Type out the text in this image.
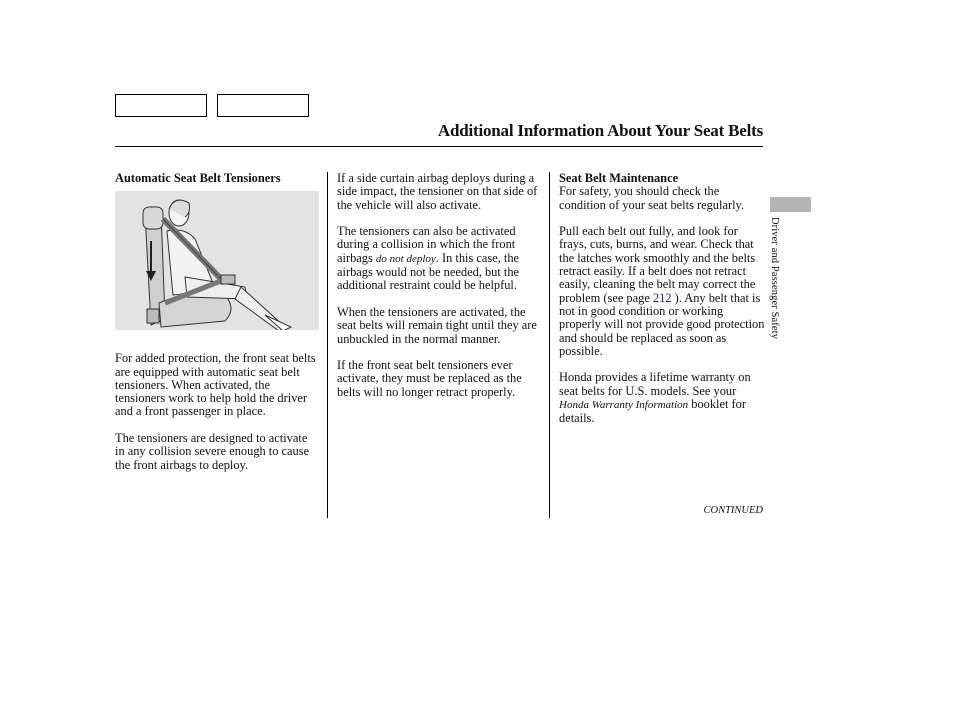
Additional Information About Your Seat Belts
Automatic Seat Belt Tensioners

For added protection, the front seat belts are equipped with automatic seat belt tensioners. When activated, the tensioners work to help hold the driver and a front passenger in place.

The tensioners are designed to activate in any collision severe enough to cause the front airbags to deploy.

If a side curtain airbag deploys during a side impact, the tensioner on that side of the vehicle will also activate.

The tensioners can also be activated during a collision in which the front airbags do not deploy. In this case, the airbags would not be needed, but the additional restraint could be helpful.

When the tensioners are activated, the seat belts will remain tight until they are unbuckled in the normal manner.

If the front seat belt tensioners ever activate, they must be replaced as the belts will no longer retract properly.

Seat Belt Maintenance

For safety, you should check the condition of your seat belts regularly.

Pull each belt out fully, and look for frays, cuts, burns, and wear. Check that the latches work smoothly and the belts retract easily. If a belt does not retract easily, cleaning the belt may correct the problem (see page 212 ). Any belt that is not in good condition or working properly will not provide good protection and should be replaced as soon as possible.

Honda provides a lifetime warranty on seat belts for U.S. models. See your Honda Warranty Information booklet for details.

Driver and Passenger Safety
CONTINUED
